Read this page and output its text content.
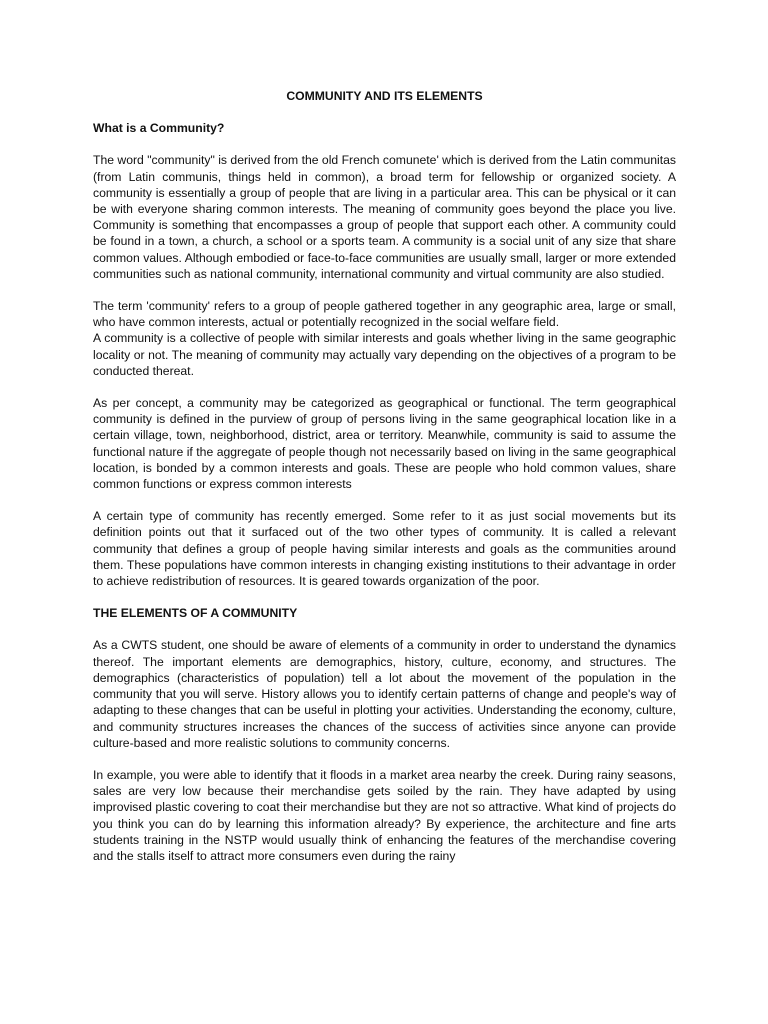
COMMUNITY AND ITS ELEMENTS
What is a Community?
The word "community" is derived from the old French comunete' which is derived from the Latin communitas (from Latin communis, things held in common), a broad term for fellowship or organized society. A community is essentially a group of people that are living in a particular area. This can be physical or it can be with everyone sharing common interests. The meaning of community goes beyond the place you live. Community is something that encompasses a group of people that support each other. A community could be found in a town, a church, a school or a sports team. A community is a social unit of any size that share common values. Although embodied or face-to-face communities are usually small, larger or more extended communities such as national community, international community and virtual community are also studied.
The term 'community' refers to a group of people gathered together in any geographic area, large or small, who have common interests, actual or potentially recognized in the social welfare field.
A community is a collective of people with similar interests and goals whether living in the same geographic locality or not. The meaning of community may actually vary depending on the objectives of a program to be conducted thereat.
As per concept, a community may be categorized as geographical or functional. The term geographical community is defined in the purview of group of persons living in the same geographical location like in a certain village, town, neighborhood, district, area or territory. Meanwhile, community is said to assume the functional nature if the aggregate of people though not necessarily based on living in the same geographical location, is bonded by a common interests and goals. These are people who hold common values, share common functions or express common interests
A certain type of community has recently emerged. Some refer to it as just social movements but its definition points out that it surfaced out of the two other types of community. It is called a relevant community that defines a group of people having similar interests and goals as the communities around them. These populations have common interests in changing existing institutions to their advantage in order to achieve redistribution of resources. It is geared towards organization of the poor.
THE ELEMENTS OF A COMMUNITY
As a CWTS student, one should be aware of elements of a community in order to understand the dynamics thereof. The important elements are demographics, history, culture, economy, and structures. The demographics (characteristics of population) tell a lot about the movement of the population in the community that you will serve. History allows you to identify certain patterns of change and people's way of adapting to these changes that can be useful in plotting your activities. Understanding the economy, culture, and community structures increases the chances of the success of activities since anyone can provide culture-based and more realistic solutions to community concerns.
In example, you were able to identify that it floods in a market area nearby the creek. During rainy seasons, sales are very low because their merchandise gets soiled by the rain. They have adapted by using improvised plastic covering to coat their merchandise but they are not so attractive. What kind of projects do you think you can do by learning this information already? By experience, the architecture and fine arts students training in the NSTP would usually think of enhancing the features of the merchandise covering and the stalls itself to attract more consumers even during the rainy
